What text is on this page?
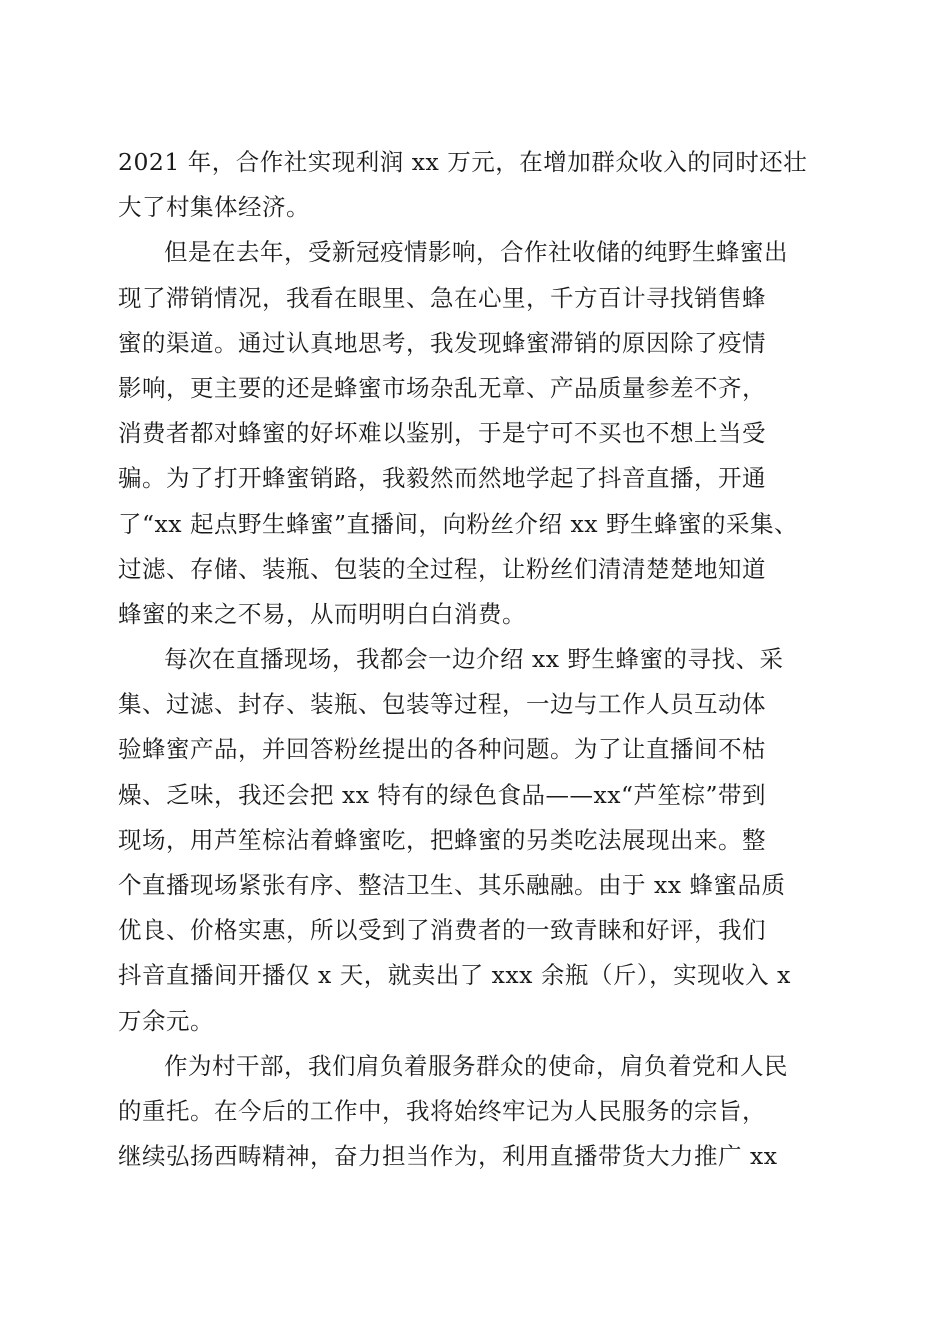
2021 年，合作社实现利润 xx 万元，在增加群众收入的同时还壮
大了村集体经济。
但是在去年，受新冠疫情影响，合作社收储的纯野生蜂蜜出
现了滞销情况，我看在眼里、急在心里，千方百计寻找销售蜂
蜜的渠道。通过认真地思考，我发现蜂蜜滞销的原因除了疫情
影响，更主要的还是蜂蜜市场杂乱无章、产品质量参差不齐，
消费者都对蜂蜜的好坏难以鉴别，于是宁可不买也不想上当受
骗。为了打开蜂蜜销路，我毅然而然地学起了抖音直播，开通
了“xx 起点野生蜂蜜”直播间，向粉丝介绍 xx 野生蜂蜜的采集、
过滤、存储、装瓶、包装的全过程，让粉丝们清清楚楚地知道
蜂蜜的来之不易，从而明明白白消费。
每次在直播现场，我都会一边介绍 xx 野生蜂蜜的寻找、采
集、过滤、封存、装瓶、包装等过程，一边与工作人员互动体
验蜂蜜产品，并回答粉丝提出的各种问题。为了让直播间不枯
燥、乏味，我还会把 xx 特有的绿色食品——xx“芦笙棕”带到
现场，用芦笙棕沾着蜂蜜吃，把蜂蜜的另类吃法展现出来。整
个直播现场紧张有序、整洁卫生、其乐融融。由于 xx 蜂蜜品质
优良、价格实惠，所以受到了消费者的一致青睐和好评，我们
抖音直播间开播仅 x 天，就卖出了 xxx 余瓶（斤），实现收入 x
万余元。
作为村干部，我们肩负着服务群众的使命，肩负着党和人民
的重托。在今后的工作中，我将始终牢记为人民服务的宗旨，
继续弘扬西畴精神，奋力担当作为，利用直播带货大力推广 xx
